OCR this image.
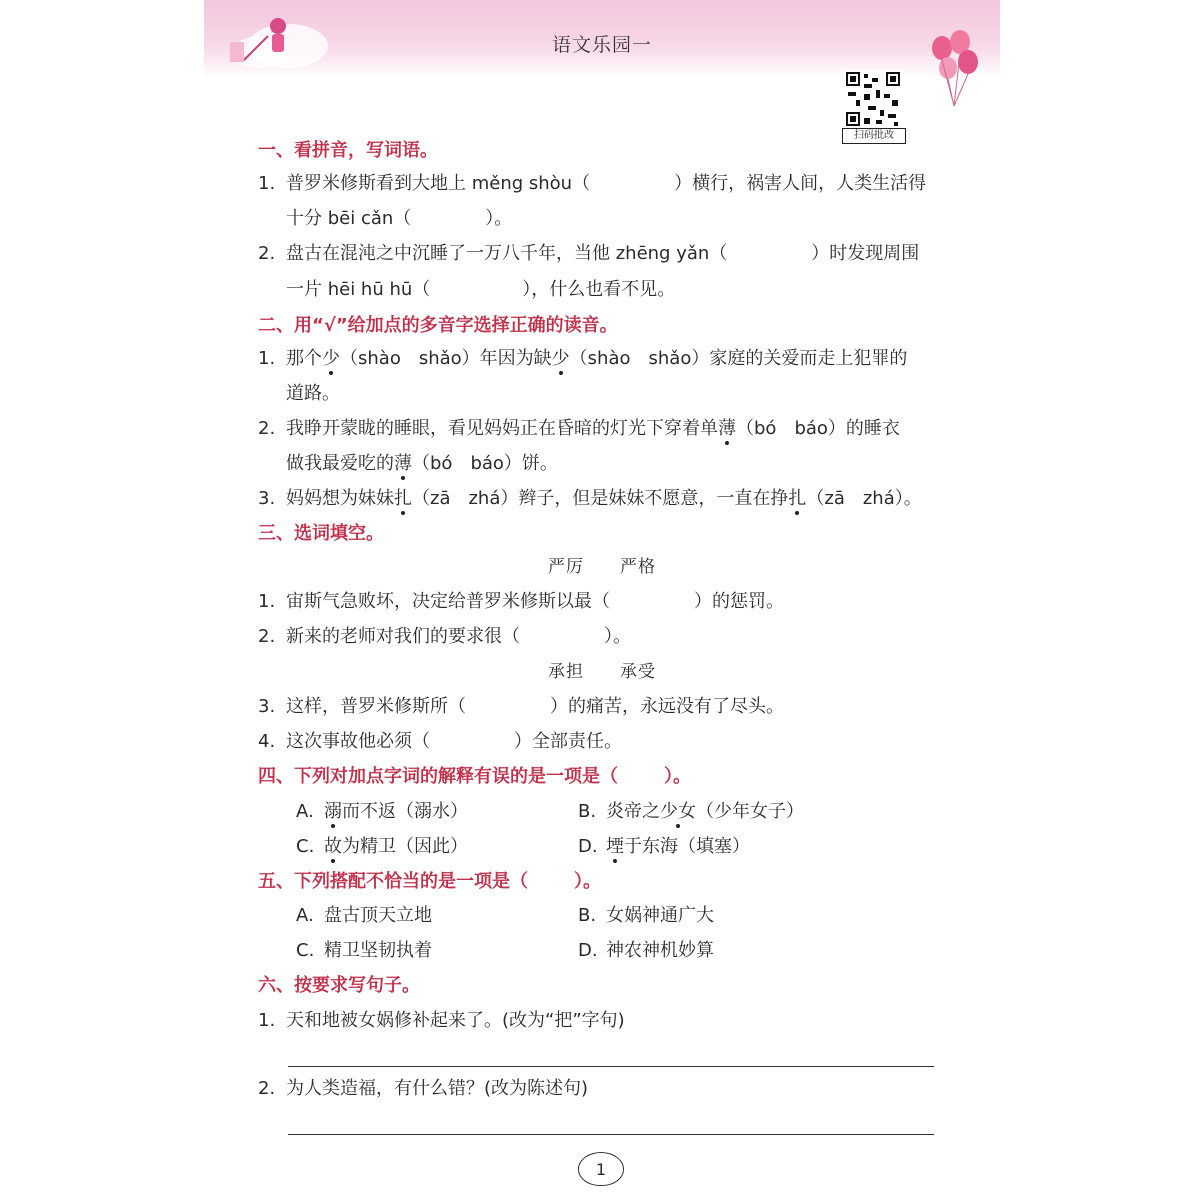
语文乐园一
扫码批改
一、看拼音，写词语。
1. 普罗米修斯看到大地上 měng shòu（	）横行，祸害人间，人类生活得
十分 bēi cǎn（	）。
2. 盘古在混沌之中沉睡了一万八千年，当他 zhēng yǎn（	）时发现周围
一片 hēi hū hū（	），什么也看不见。
二、用“√”给加点的多音字选择正确的读音。
1. 那个少（shào　shǎo）年因为缺少（shào　shǎo）家庭的关爱而走上犯罪的
道路。
2. 我睁开蒙眬的睡眼，看见妈妈正在昏暗的灯光下穿着单薄（bó　báo）的睡衣
做我最爱吃的薄（bó　báo）饼。
3. 妈妈想为妹妹扎（zā　zhá）辫子，但是妹妹不愿意，一直在挣扎（zā　zhá）。
三、选词填空。
严厉　　严格
1. 宙斯气急败坏，决定给普罗米修斯以最（	）的惩罚。
2. 新来的老师对我们的要求很（	）。
承担　　承受
3. 这样，普罗米修斯所（	）的痛苦，永远没有了尽头。
4. 这次事故他必须（	）全部责任。
四、下列对加点字词的解释有误的是一项是（	）。
A. 溺而不返（溺水）	B. 炎帝之少女（少年女子）
C. 故为精卫（因此）	D. 堙于东海（填塞）
五、下列搭配不恰当的是一项是（	）。
A. 盘古顶天立地	B. 女娲神通广大
C. 精卫坚韧执着	D. 神农神机妙算
六、按要求写句子。
1. 天和地被女娲修补起来了。(改为“把”字句)
2. 为人类造福，有什么错？(改为陈述句)
1
